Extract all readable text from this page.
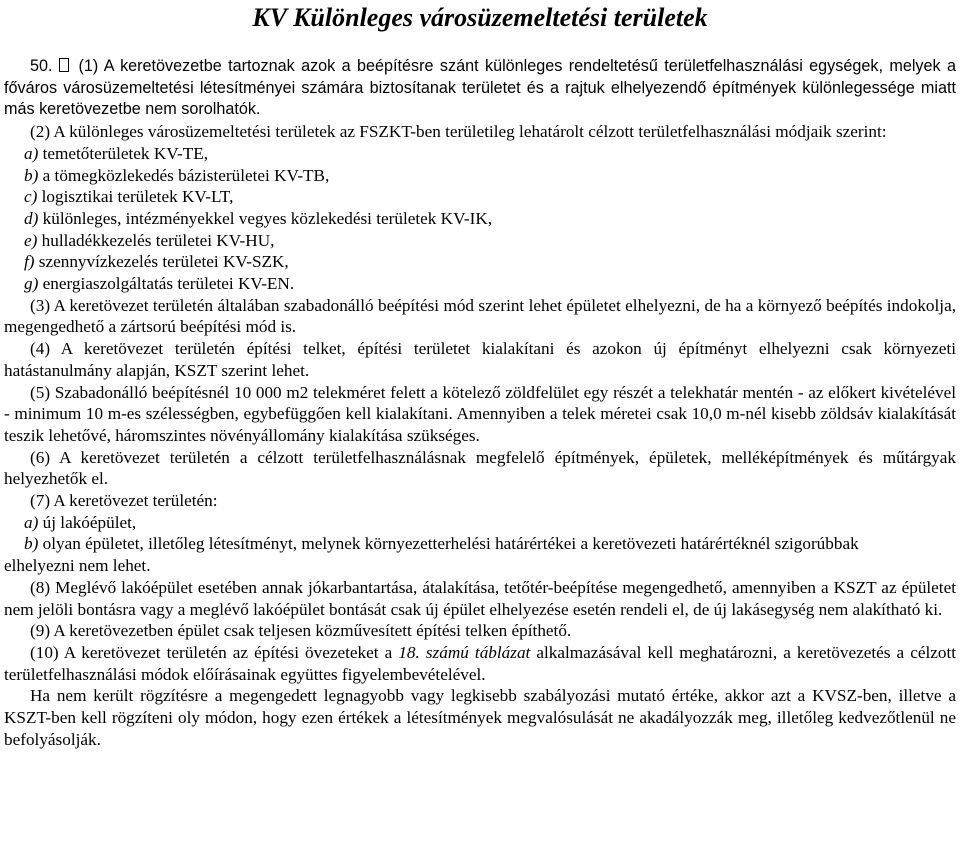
KV Különleges városüzemeltetési területek

50. (1) A keretövezetbe tartoznak azok a beépítésre szánt különleges rendeltetésű területfelhasználási egységek, melyek a főváros városüzemeltetési létesítményei számára biztosítanak területet és a rajtuk elhelyezendő építmények különlegessége miatt más keretövezetbe nem sorolhatók.

(2) A különleges városüzemeltetési területek az FSZKT-ben területileg lehatárolt célzott területfelhasználási módjaik szerint:

a) temetőterületek KV-TE,

b) a tömegközlekedés bázisterületei KV-TB,

c) logisztikai területek KV-LT,

d) különleges, intézményekkel vegyes közlekedési területek KV-IK,

e) hulladékkezelés területei KV-HU,

f) szennyvízkezelés területei KV-SZK,

g) energiaszolgáltatás területei KV-EN.

(3) A keretövezet területén általában szabadonálló beépítési mód szerint lehet épületet elhelyezni, de ha a környező beépítés indokolja, megengedhető a zártsorú beépítési mód is.

(4) A keretövezet területén építési telket, építési területet kialakítani és azokon új építményt elhelyezni csak környezeti hatástanulmány alapján, KSZT szerint lehet.

(5) Szabadonálló beépítésnél 10 000 m2 telekméret felett a kötelező zöldfelület egy részét a telekhatár mentén - az előkert kivételével - minimum 10 m-es szélességben, egybefüggően kell kialakítani. Amennyiben a telek méretei csak 10,0 m-nél kisebb zöldsáv kialakítását teszik lehetővé, háromszintes növényállomány kialakítása szükséges.

(6) A keretövezet területén a célzott területfelhasználásnak megfelelő építmények, épületek, melléképítmények és műtárgyak helyezhetők el.

(7) A keretövezet területén:

a) új lakóépület,

b) olyan épületet, illetőleg létesítményt, melynek környezetterhelési határértékei a keretövezeti határértéknél szigorúbbak

elhelyezni nem lehet.

(8) Meglévő lakóépület esetében annak jókarbantartása, átalakítása, tetőtér-beépítése megengedhető, amennyiben a KSZT az épületet nem jelöli bontásra vagy a meglévő lakóépület bontását csak új épület elhelyezése esetén rendeli el, de új lakásegység nem alakítható ki.

(9) A keretövezetben épület csak teljesen közművesített építési telken építhető.

(10) A keretövezet területén az építési övezeteket a 18. számú táblázat alkalmazásával kell meghatározni, a keretövezetés a célzott területfelhasználási módok előírásainak együttes figyelembevételével.

Ha nem került rögzítésre a megengedett legnagyobb vagy legkisebb szabályozási mutató értéke, akkor azt a KVSZ-ben, illetve a KSZT-ben kell rögzíteni oly módon, hogy ezen értékek a létesítmények megvalósulását ne akadályozzák meg, illetőleg kedvezőtlenül ne befolyásolják.
